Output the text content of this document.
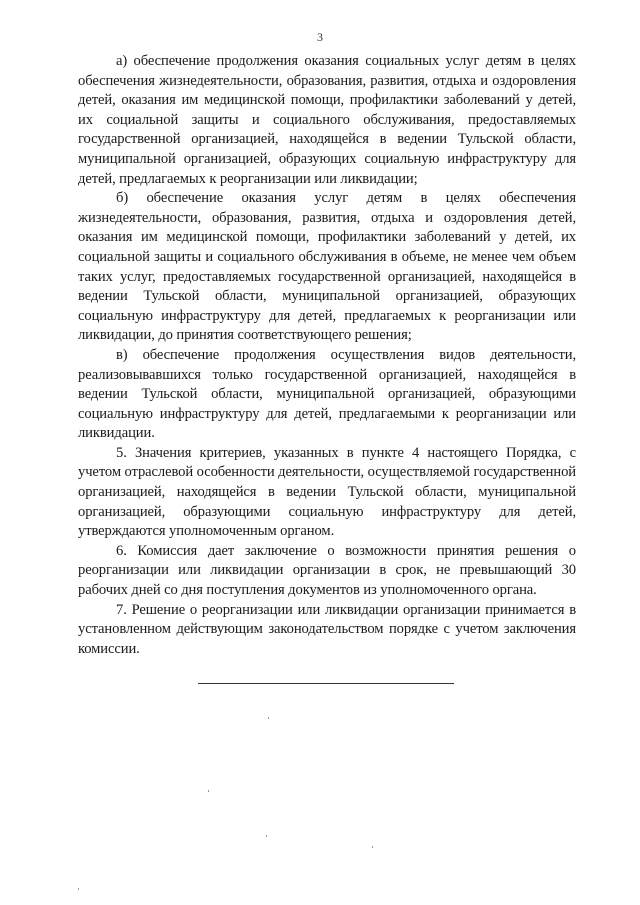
3

а) обеспечение продолжения оказания социальных услуг детям в целях обеспечения жизнедеятельности, образования, развития, отдыха и оздоровления детей, оказания им медицинской помощи, профилактики заболеваний у детей, их социальной защиты и социального обслуживания, предоставляемых государственной организацией, находящейся в ведении Тульской области, муниципальной организацией, образующих социальную инфраструктуру для детей, предлагаемых к реорганизации или ликвидации;

б) обеспечение оказания услуг детям в целях обеспечения жизнедеятельности, образования, развития, отдыха и оздоровления детей, оказания им медицинской помощи, профилактики заболеваний у детей, их социальной защиты и социального обслуживания в объеме, не менее чем объем таких услуг, предоставляемых государственной организацией, находящейся в ведении Тульской области, муниципальной организацией, образующих социальную инфраструктуру для детей, предлагаемых к реорганизации или ликвидации, до принятия соответствующего решения;

в) обеспечение продолжения осуществления видов деятельности, реализовывавшихся только государственной организацией, находящейся в ведении Тульской области, муниципальной организацией, образующими социальную инфраструктуру для детей, предлагаемыми к реорганизации или ликвидации.

5. Значения критериев, указанных в пункте 4 настоящего Порядка, с учетом отраслевой особенности деятельности, осуществляемой государственной организацией, находящейся в ведении Тульской области, муниципальной организацией, образующими социальную инфраструктуру для детей, утверждаются уполномоченным органом.

6. Комиссия дает заключение о возможности принятия решения о реорганизации или ликвидации организации в срок, не превышающий 30 рабочих дней со дня поступления документов из уполномоченного органа.

7. Решение о реорганизации или ликвидации организации принимается в установленном действующим законодательством порядке с учетом заключения комиссии.
